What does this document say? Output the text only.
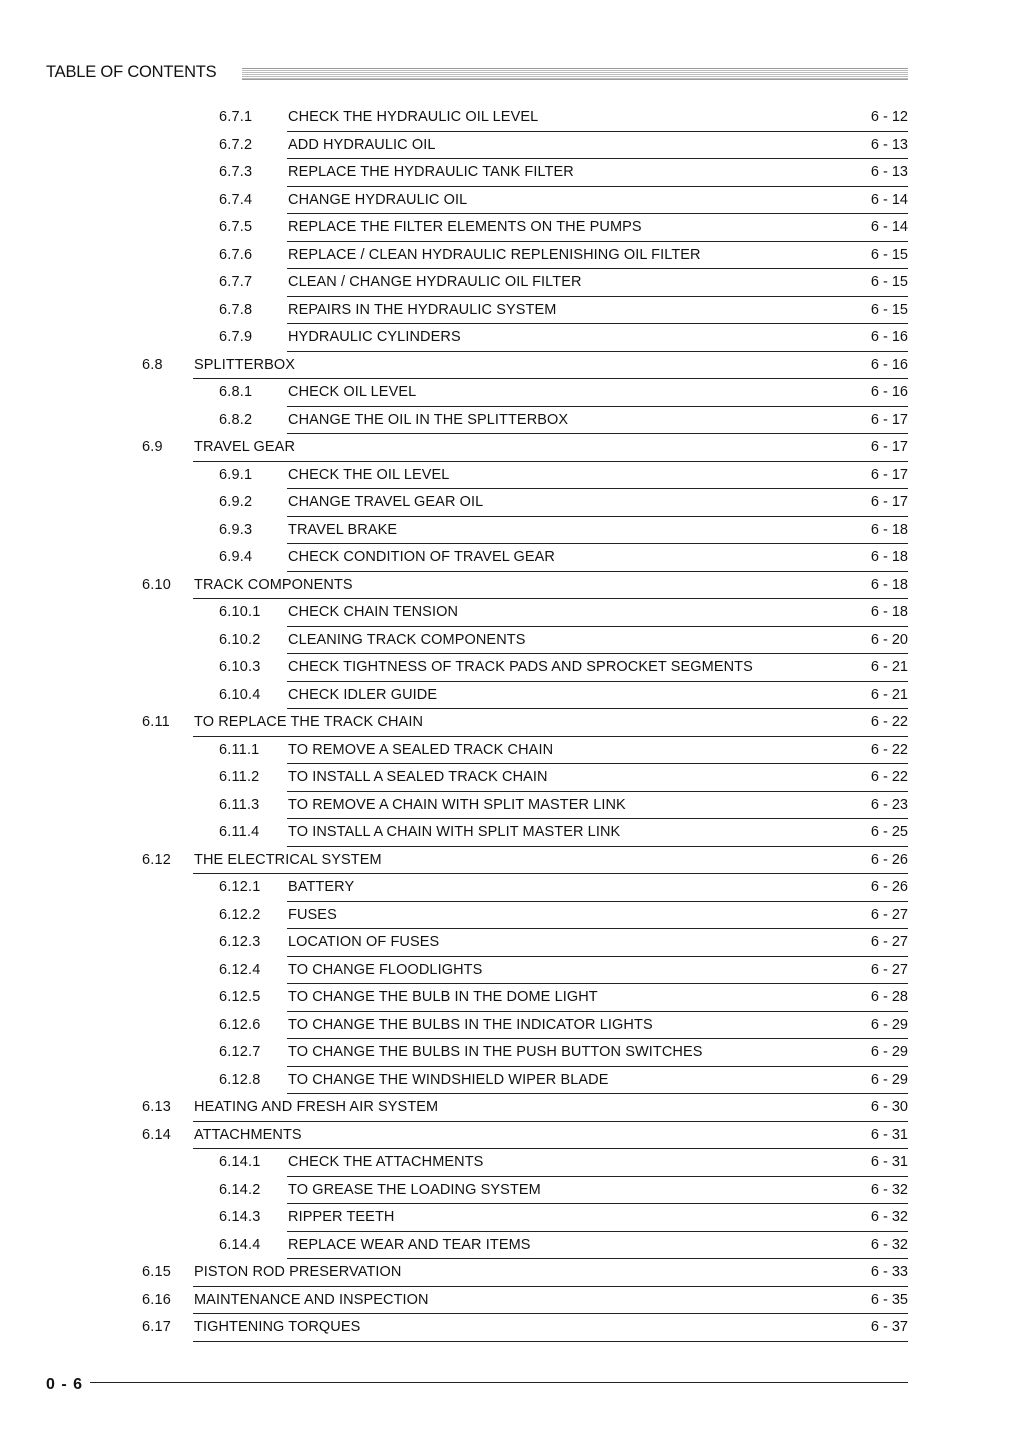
TABLE OF CONTENTS
6.7.1 CHECK THE HYDRAULIC OIL LEVEL	6 - 12
6.7.2 ADD HYDRAULIC OIL	6 - 13
6.7.3 REPLACE THE HYDRAULIC TANK FILTER	6 - 13
6.7.4 CHANGE HYDRAULIC OIL	6 - 14
6.7.5 REPLACE THE FILTER ELEMENTS ON THE PUMPS	6 - 14
6.7.6 REPLACE / CLEAN HYDRAULIC REPLENISHING OIL FILTER	6 - 15
6.7.7 CLEAN / CHANGE HYDRAULIC OIL FILTER	6 - 15
6.7.8 REPAIRS IN THE HYDRAULIC SYSTEM	6 - 15
6.7.9 HYDRAULIC CYLINDERS	6 - 16
6.8 SPLITTERBOX	6 - 16
6.8.1 CHECK OIL LEVEL	6 - 16
6.8.2 CHANGE THE OIL IN THE SPLITTERBOX	6 - 17
6.9 TRAVEL GEAR	6 - 17
6.9.1 CHECK THE OIL LEVEL	6 - 17
6.9.2 CHANGE TRAVEL GEAR OIL	6 - 17
6.9.3 TRAVEL BRAKE	6 - 18
6.9.4 CHECK CONDITION OF TRAVEL GEAR	6 - 18
6.10 TRACK COMPONENTS	6 - 18
6.10.1 CHECK CHAIN TENSION	6 - 18
6.10.2 CLEANING TRACK COMPONENTS	6 - 20
6.10.3 CHECK TIGHTNESS OF TRACK PADS AND SPROCKET SEGMENTS	6 - 21
6.10.4 CHECK IDLER GUIDE	6 - 21
6.11 TO REPLACE THE TRACK CHAIN	6 - 22
6.11.1 TO REMOVE A SEALED TRACK CHAIN	6 - 22
6.11.2 TO INSTALL A SEALED TRACK CHAIN	6 - 22
6.11.3 TO REMOVE A CHAIN WITH SPLIT MASTER LINK	6 - 23
6.11.4 TO INSTALL A CHAIN WITH SPLIT MASTER LINK	6 - 25
6.12 THE ELECTRICAL SYSTEM	6 - 26
6.12.1 BATTERY	6 - 26
6.12.2 FUSES	6 - 27
6.12.3 LOCATION OF FUSES	6 - 27
6.12.4 TO CHANGE FLOODLIGHTS	6 - 27
6.12.5 TO CHANGE THE BULB IN THE DOME LIGHT	6 - 28
6.12.6 TO CHANGE THE BULBS IN THE INDICATOR LIGHTS	6 - 29
6.12.7 TO CHANGE THE BULBS IN THE PUSH BUTTON SWITCHES	6 - 29
6.12.8 TO CHANGE THE WINDSHIELD WIPER BLADE	6 - 29
6.13 HEATING AND FRESH AIR SYSTEM	6 - 30
6.14 ATTACHMENTS	6 - 31
6.14.1 CHECK THE ATTACHMENTS	6 - 31
6.14.2 TO GREASE THE LOADING SYSTEM	6 - 32
6.14.3 RIPPER TEETH	6 - 32
6.14.4 REPLACE WEAR AND TEAR ITEMS	6 - 32
6.15 PISTON ROD PRESERVATION	6 - 33
6.16 MAINTENANCE AND INSPECTION	6 - 35
6.17 TIGHTENING TORQUES	6 - 37
0 - 6
